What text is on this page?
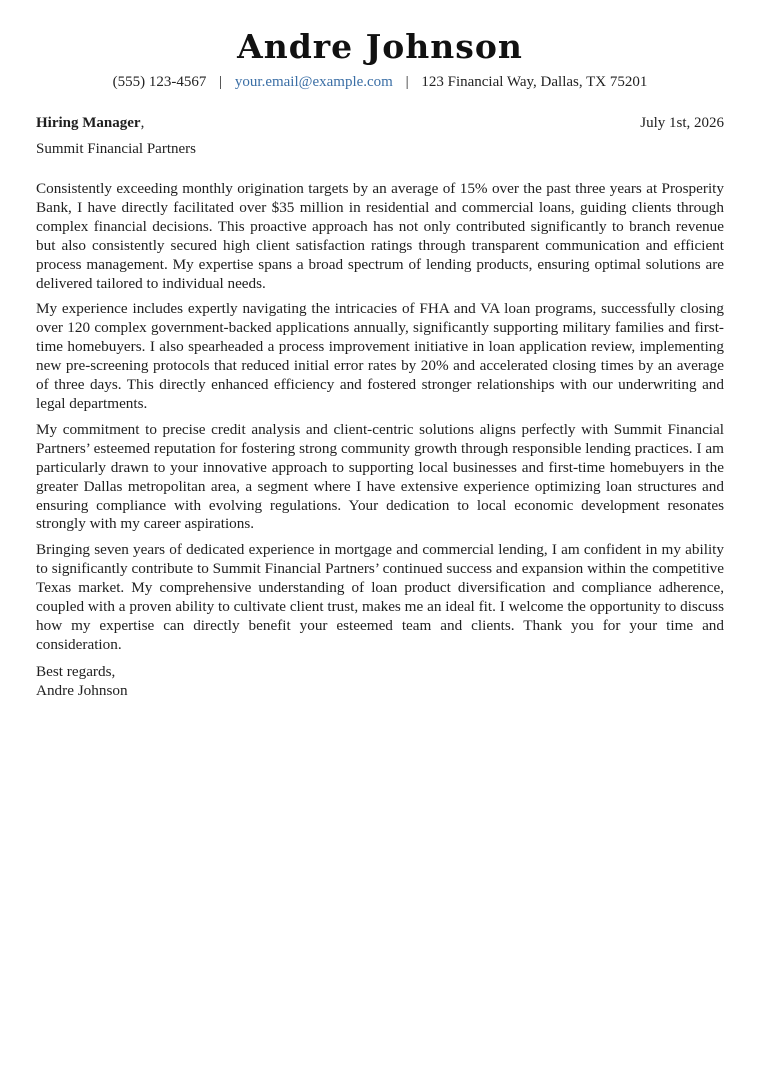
Andre Johnson
(555) 123-4567 | your.email@example.com | 123 Financial Way, Dallas, TX 75201
Hiring Manager,	July 1st, 2026
Summit Financial Partners

Consistently exceeding monthly origination targets by an average of 15% over the past three years at Prosperity Bank, I have directly facilitated over $35 million in residential and commercial loans, guiding clients through complex financial decisions. This proactive approach has not only contributed significantly to branch revenue but also consistently secured high client satisfaction ratings through transparent communication and efficient process management. My expertise spans a broad spectrum of lending products, ensuring optimal solutions are delivered tailored to individual needs.

My experience includes expertly navigating the intricacies of FHA and VA loan programs, successfully closing over 120 complex government-backed applications annually, significantly supporting military families and first-time homebuyers. I also spearheaded a process improvement initiative in loan application review, implementing new pre-screening protocols that reduced initial error rates by 20% and accelerated closing times by an average of three days. This directly enhanced efficiency and fostered stronger relationships with our underwriting and legal departments.

My commitment to precise credit analysis and client-centric solutions aligns perfectly with Summit Financial Partners’ esteemed reputation for fostering strong community growth through responsible lending practices. I am particularly drawn to your innovative approach to supporting local businesses and first-time homebuyers in the greater Dallas metropolitan area, a segment where I have extensive experience optimizing loan structures and ensuring compliance with evolving regulations. Your dedication to local economic development resonates strongly with my career aspirations.

Bringing seven years of dedicated experience in mortgage and commercial lending, I am confident in my ability to significantly contribute to Summit Financial Partners’ continued success and expansion within the competitive Texas market. My comprehensive understanding of loan product diversification and compliance adherence, coupled with a proven ability to cultivate client trust, makes me an ideal fit. I welcome the opportunity to discuss how my expertise can directly benefit your esteemed team and clients. Thank you for your time and consideration.

Best regards,
Andre Johnson
